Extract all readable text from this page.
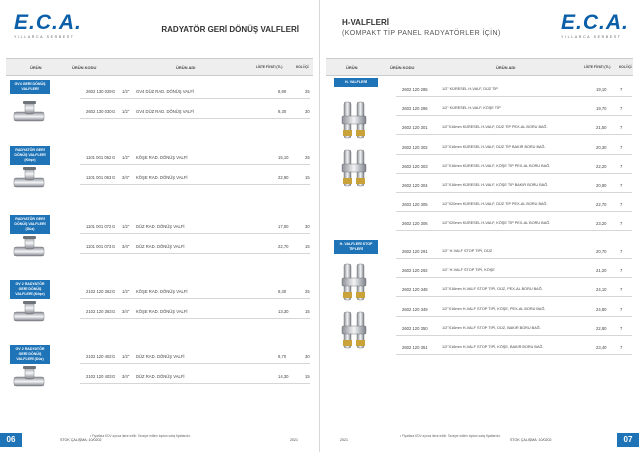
E.C.A.
YILLARCA SERBEST
RADYATÖR GERİ DÖNÜŞ VALFLERİ
ÜRÜN	ÜRÜN KODU	ÜRÜN ADI	LİSTE FİYATI (TL)	KOLİ İÇİ
GV4 GERİ DÖNÜŞ VALFLERİ	2602 130 029 G 1/2" GV4 DÜZ RAD. DÖNÜŞ VALFİ	8,90	25
2602 130 030 G 1/2" GV4 DÜZ RAD. DÖNÜŞ VALFİ	9,30	30
RADYATÖR GERİ DÖNÜŞ VALFLERİ (Köşe)	1101 001 062 G 1/2" KÖŞE RAD. DÖNÜŞ VALFİ	15,10	25
1101 001 063 G 3/4" KÖŞE RAD. DÖNÜŞ VALFİ	22,90	15
RADYATÖR GERİ DÖNÜŞ VALFLERİ (Düz)	1101 001 072 G 1/2" DÜZ RAD. DÖNÜŞ VALFİ	17,00	30
1101 001 073 G 3/4" DÜZ RAD. DÖNÜŞ VALFİ	22,70	15
GV 2 RADYATÖR GERİ DÖNÜŞ VALFLERİ (Köşe)	2102 120 362 G 1/2" KÖŞE RAD. DÖNÜŞ VALFİ	9,30	25
2102 120 363 G 3/4" KÖŞE RAD. DÖNÜŞ VALFİ	13,30	15
GV 2 RADYATÖR GERİ DÖNÜŞ VALFLERİ (Düz)	2102 120 402 G 1/2" DÜZ RAD. DÖNÜŞ VALFİ	9,70	30
2102 120 403 G 3/4" DÜZ RAD. DÖNÜŞ VALFİ	14,30	15
• Fiyatlara KDV ayrıca ilave edilir. Tavsiye edilen toptan satış fiyatlarıdır.
06	STOK ÇALIŞMA: 10/0202	2021
H-VALFLERİ
(KOMPAKT TİP PANEL RADYATÖRLER İÇİN)	E.C.A.
YILLARCA SERBEST
ÜRÜN	ÜRÜN KODU	ÜRÜN ADI	LİSTE FİYATI (TL)	KOLİ İÇİ
H- VALFLERİ
2602 120 285	1/2" KÜRESEL H-VALF, DÜZ TİP	19,10	7
2602 120 286	1/2" KÜRESEL H-VALF, KÖŞE TİP	19,70	7
2602 120 301	1/2"X16mm KÜRESEL H-VALF, DÜZ TİP PEX-AL BORU BAĞ.	21,50	7
2602 120 302	1/2"X16mm KÜRESEL H-VALF, DÜZ TİP BAKIR BORU BAĞ.	20,30	7
2602 120 303	1/2"X16mm KÜRESEL H-VALF, KÖŞE TİP PEX-AL BORU BAĞ.	22,20	7
2602 120 304	1/2"X16mm KÜRESEL H-VALF, KÖŞE TİP BAKIR BORU BAĞ.	20,90	7
2602 120 305	1/2"X20mm KÜRESEL H-VALF, DÜZ TİP PEX-AL BORU BAĞ.	22,70	7
2602 120 306	1/2"X20mm KÜRESEL H-VALF, KÖŞE TİP PEX-AL BORU BAĞ.	23,20	7
H- VALFLERİ STOP TİPLERİ	2602 120 291	1/2" H-VALF STOP TİPİ, DÜZ	20,70	7
2602 120 292	1/2" H-VALF STOP TİPİ, KÖŞE	21,20	7
2602 120 348	1/2"X16mm H-VALF STOP TİPİ, DÜZ, PEX-AL BORU BAĞ.	24,10	7
2602 120 349	1/2"X16mm H-VALF STOP TİPİ, KÖŞE, PEX-AL BORU BAĞ.	24,80	7
2602 120 350	1/2"X16mm H-VALF STOP TİPİ, DÜZ, BAKIR BORU BAĞ.	22,80	7
2602 120 351	1/2"X16mm H-VALF STOP TİPİ, KÖŞE, BAKIR BORU BAĞ.	23,40	7
• Fiyatlara KDV ayrıca ilave edilir. Tavsiye edilen toptan satış fiyatlarıdır.
2021	STOK ÇALIŞMA: 10/0202	07
